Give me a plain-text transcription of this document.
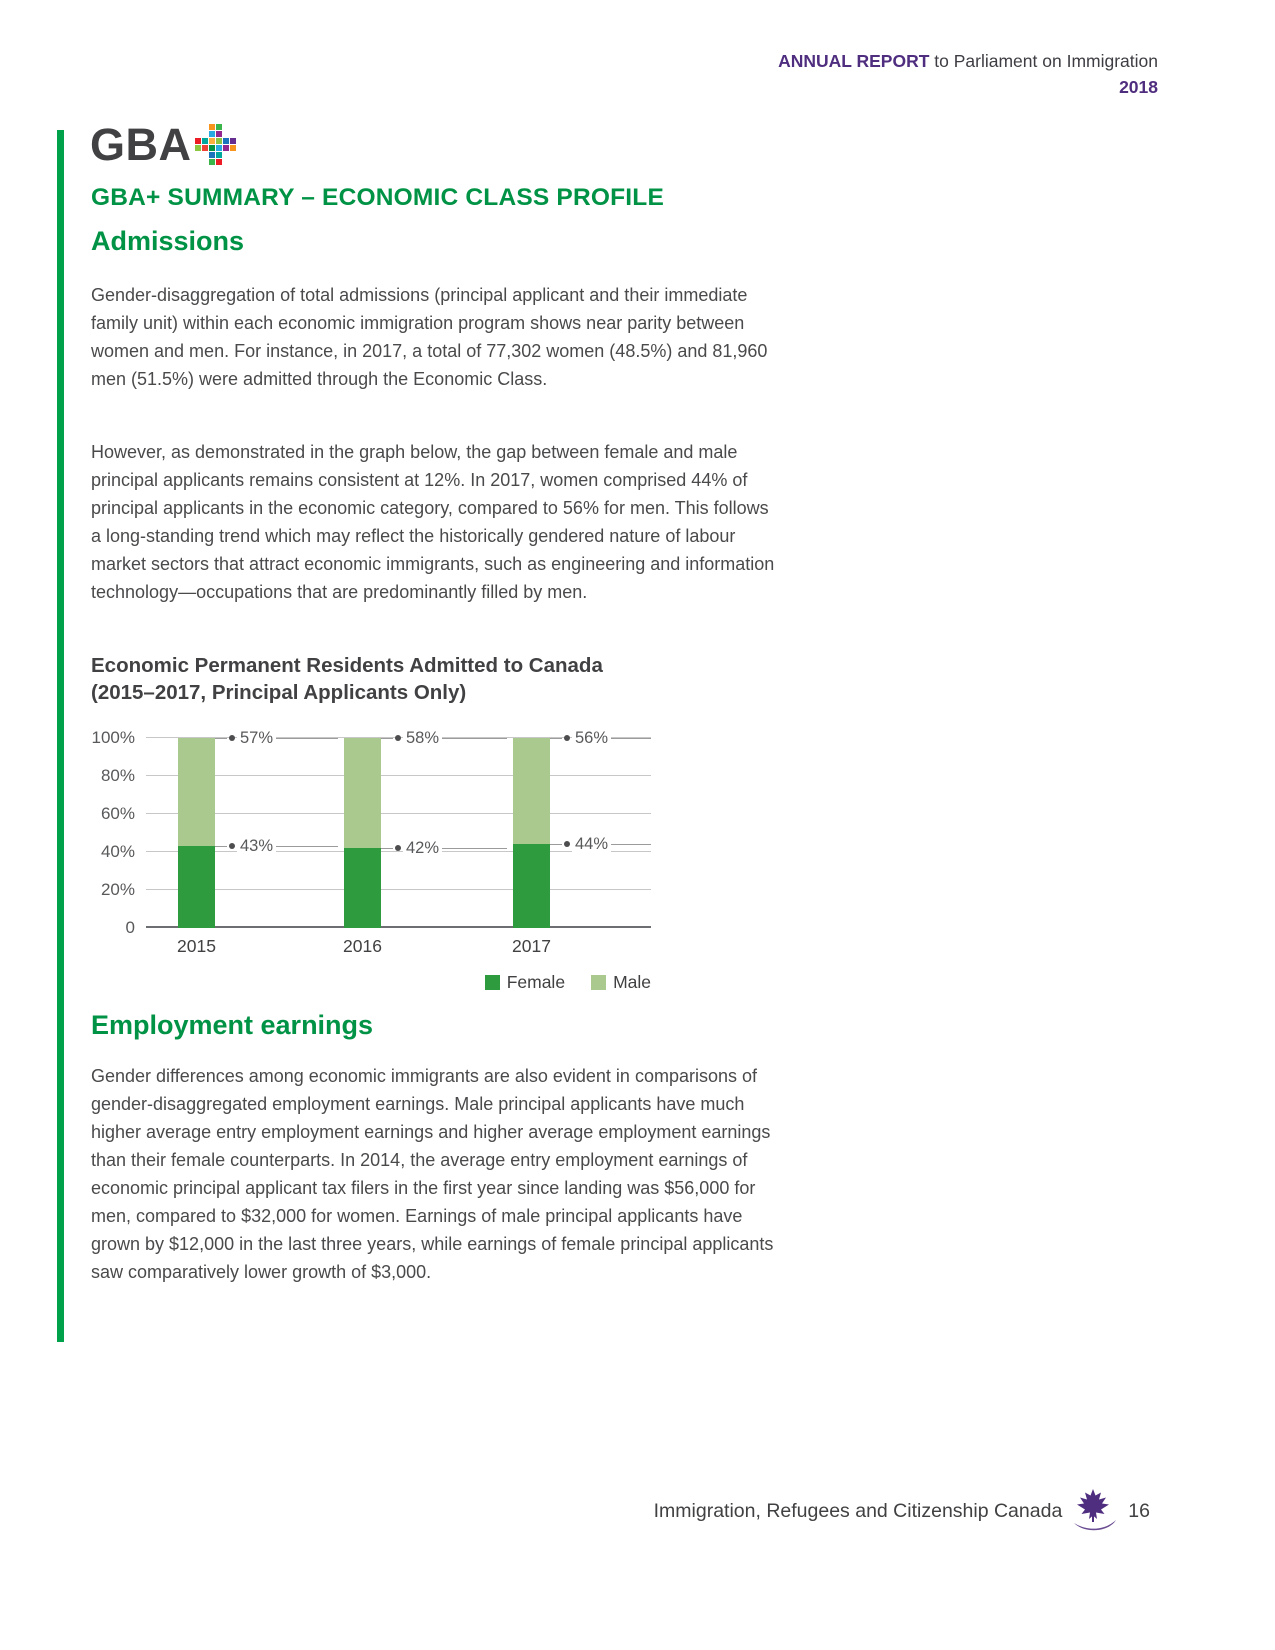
ANNUAL REPORT to Parliament on Immigration
2018
GBA
GBA+ SUMMARY – ECONOMIC CLASS PROFILE
Admissions

Gender-disaggregation of total admissions (principal applicant and their immediate family unit) within each economic immigration program shows near parity between women and men. For instance, in 2017, a total of 77,302 women (48.5%) and 81,960 men (51.5%) were admitted through the Economic Class.

However, as demonstrated in the graph below, the gap between female and male principal applicants remains consistent at 12%. In 2017, women comprised 44% of principal applicants in the economic category, compared to 56% for men. This follows a long-standing trend which may reflect the historically gendered nature of labour market sectors that attract economic immigrants, such as engineering and information technology—occupations that are predominantly filled by men.

Economic Permanent Residents Admitted to Canada (2015–2017, Principal Applicants Only)
100%
80%
60%
40%
20%
0
2015
43%
57%
2016
42%
58%
2017
44%
56%
Female	Male
Employment earnings

Gender differences among economic immigrants are also evident in comparisons of gender-disaggregated employment earnings. Male principal applicants have much higher average entry employment earnings and higher average employment earnings than their female counterparts. In 2014, the average entry employment earnings of economic principal applicant tax filers in the first year since landing was $56,000 for men, compared to $32,000 for women. Earnings of male principal applicants have grown by $12,000 in the last three years, while earnings of female principal applicants saw comparatively lower growth of $3,000.

Immigration, Refugees and Citizenship Canada	16
